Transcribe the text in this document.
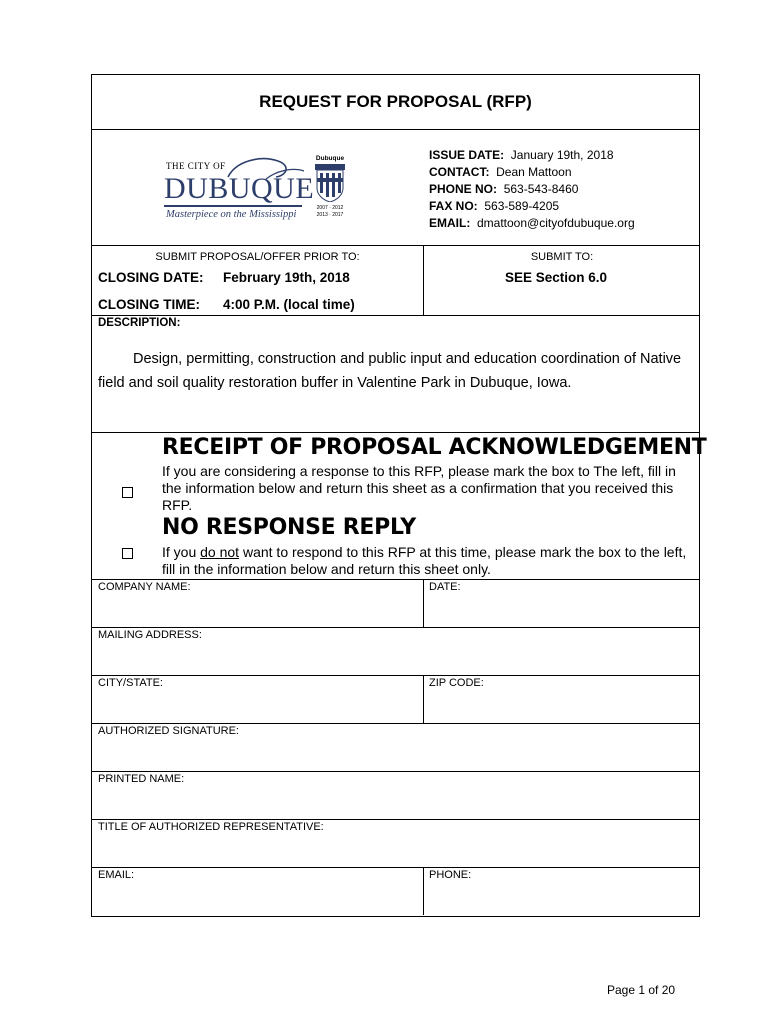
REQUEST FOR PROPOSAL (RFP)
THE CITY OF
DUBUQUE
Masterpiece on the Mississippi
Dubuque
2007 · 2012
2013 · 2017
ISSUE DATE: January 19th, 2018
CONTACT: Dean Mattoon
PHONE NO: 563-543-8460
FAX NO: 563-589-4205
EMAIL: dmattoon@cityofdubuque.org
SUBMIT PROPOSAL/OFFER PRIOR TO:	SUBMIT TO:
CLOSING DATE: February 19th, 2018	SEE Section 6.0
CLOSING TIME: 4:00 P.M. (local time)
DESCRIPTION:
Design, permitting, construction and public input and education coordination of Native field and soil quality restoration buffer in Valentine Park in Dubuque, Iowa.
RECEIPT OF PROPOSAL ACKNOWLEDGEMENT
If you are considering a response to this RFP, please mark the box to The left, fill in the information below and return this sheet as a confirmation that you received this RFP.
NO RESPONSE REPLY
If you do not want to respond to this RFP at this time, please mark the box to the left, fill in the information below and return this sheet only.
COMPANY NAME:	DATE:
MAILING ADDRESS:
CITY/STATE:	ZIP CODE:
AUTHORIZED SIGNATURE:
PRINTED NAME:
TITLE OF AUTHORIZED REPRESENTATIVE:
EMAIL:	PHONE:
Page 1 of 20
